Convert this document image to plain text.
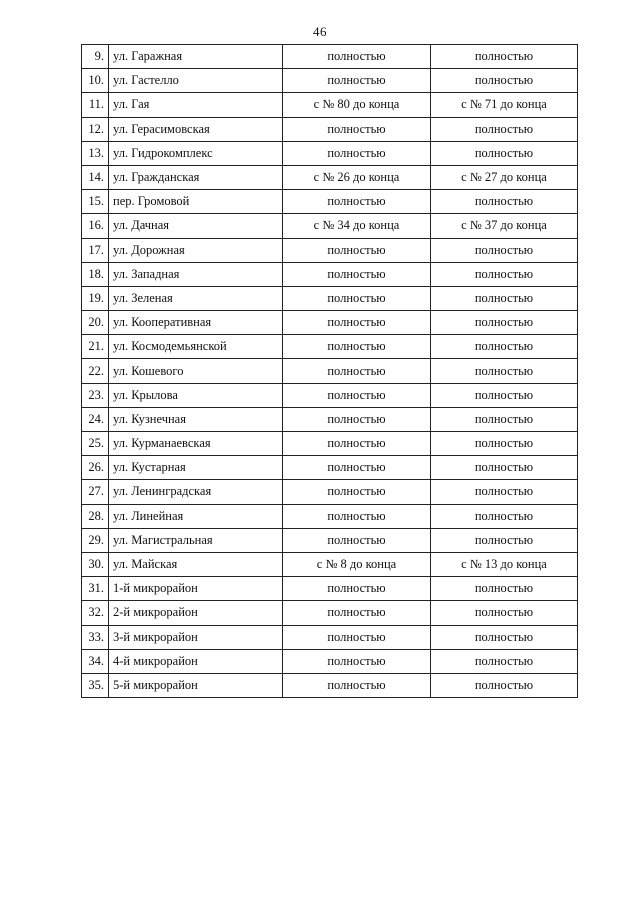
46
9.	ул. Гаражная	полностью	полностью
10.	ул. Гастелло	полностью	полностью
11.	ул. Гая	с № 80 до конца	с № 71 до конца
12.	ул. Герасимовская	полностью	полностью
13.	ул. Гидрокомплекс	полностью	полностью
14.	ул. Гражданская	с № 26 до конца	с № 27 до конца
15.	пер. Громовой	полностью	полностью
16.	ул. Дачная	с № 34 до конца	с № 37 до конца
17.	ул. Дорожная	полностью	полностью
18.	ул. Западная	полностью	полностью
19.	ул. Зеленая	полностью	полностью
20.	ул. Кооперативная	полностью	полностью
21.	ул. Космодемьянской	полностью	полностью
22.	ул. Кошевого	полностью	полностью
23.	ул. Крылова	полностью	полностью
24.	ул. Кузнечная	полностью	полностью
25.	ул. Курманаевская	полностью	полностью
26.	ул. Кустарная	полностью	полностью
27.	ул. Ленинградская	полностью	полностью
28.	ул. Линейная	полностью	полностью
29.	ул. Магистральная	полностью	полностью
30.	ул. Майская	с № 8 до конца	с № 13 до конца
31.	1-й микрорайон	полностью	полностью
32.	2-й микрорайон	полностью	полностью
33.	3-й микрорайон	полностью	полностью
34.	4-й микрорайон	полностью	полностью
35.	5-й микрорайон	полностью	полностью
